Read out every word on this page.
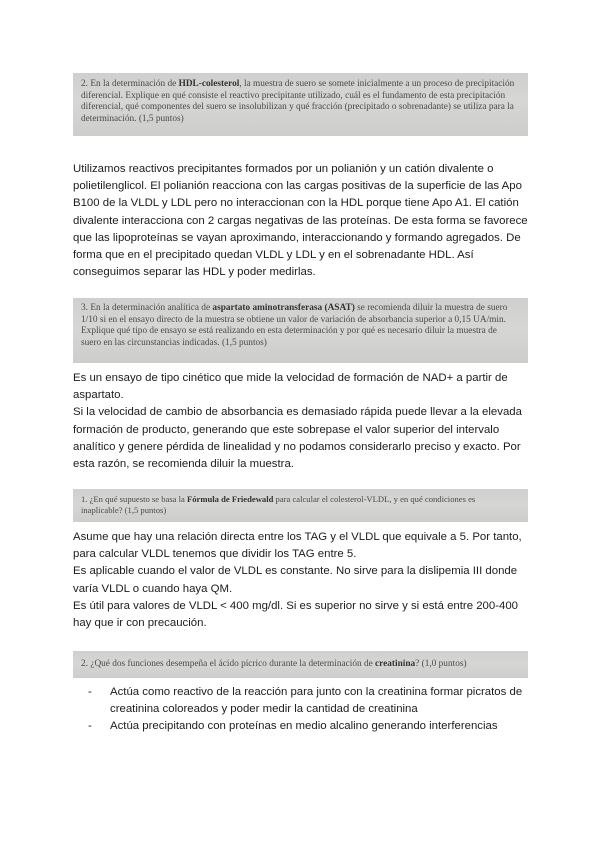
2. En la determinación de HDL-colesterol, la muestra de suero se somete inicialmente a un proceso de precipitación diferencial. Explique en qué consiste el reactivo precipitante utilizado, cuál es el fundamento de esta precipitación diferencial, qué componentes del suero se insolubilizan y qué fracción (precipitado o sobrenadante) se utiliza para la determinación. (1,5 puntos)

Utilizamos reactivos precipitantes formados por un polianión y un catión divalente o polietilenglicol. El polianión reacciona con las cargas positivas de la superficie de las Apo B100 de la VLDL y LDL pero no interaccionan con la HDL porque tiene Apo A1. El catión divalente interacciona con 2 cargas negativas de las proteínas. De esta forma se favorece que las lipoproteínas se vayan aproximando, interaccionando y formando agregados. De forma que en el precipitado quedan VLDL y LDL y en el sobrenadante HDL. Así conseguimos separar las HDL y poder medirlas.

3. En la determinación analítica de aspartato aminotransferasa (ASAT) se recomienda diluir la muestra de suero 1/10 si en el ensayo directo de la muestra se obtiene un valor de variación de absorbancia superior a 0,15 UA/min. Explique qué tipo de ensayo se está realizando en esta determinación y por qué es necesario diluir la muestra de suero en las circunstancias indicadas. (1,5 puntos)

Es un ensayo de tipo cinético que mide la velocidad de formación de NAD+ a partir de aspartato.

Si la velocidad de cambio de absorbancia es demasiado rápida puede llevar a la elevada formación de producto, generando que este sobrepase el valor superior del intervalo analítico y genere pérdida de linealidad y no podamos considerarlo preciso y exacto. Por esta razón, se recomienda diluir la muestra.

1. ¿En qué supuesto se basa la Fórmula de Friedewald para calcular el colesterol-VLDL, y en qué condiciones es inaplicable? (1,5 puntos)

Asume que hay una relación directa entre los TAG y el VLDL que equivale a 5. Por tanto, para calcular VLDL tenemos que dividir los TAG entre 5.

Es aplicable cuando el valor de VLDL es constante. No sirve para la dislipemia III donde varía VLDL o cuando haya QM.

Es útil para valores de VLDL < 400 mg/dl. Si es superior no sirve y si está entre 200-400 hay que ir con precaución.

2. ¿Qué dos funciones desempeña el ácido pícrico durante la determinación de creatinina? (1,0 puntos)
- Actúa como reactivo de la reacción para junto con la creatinina formar picratos de creatinina coloreados y poder medir la cantidad de creatinina
- Actúa precipitando con proteínas en medio alcalino generando interferencias
